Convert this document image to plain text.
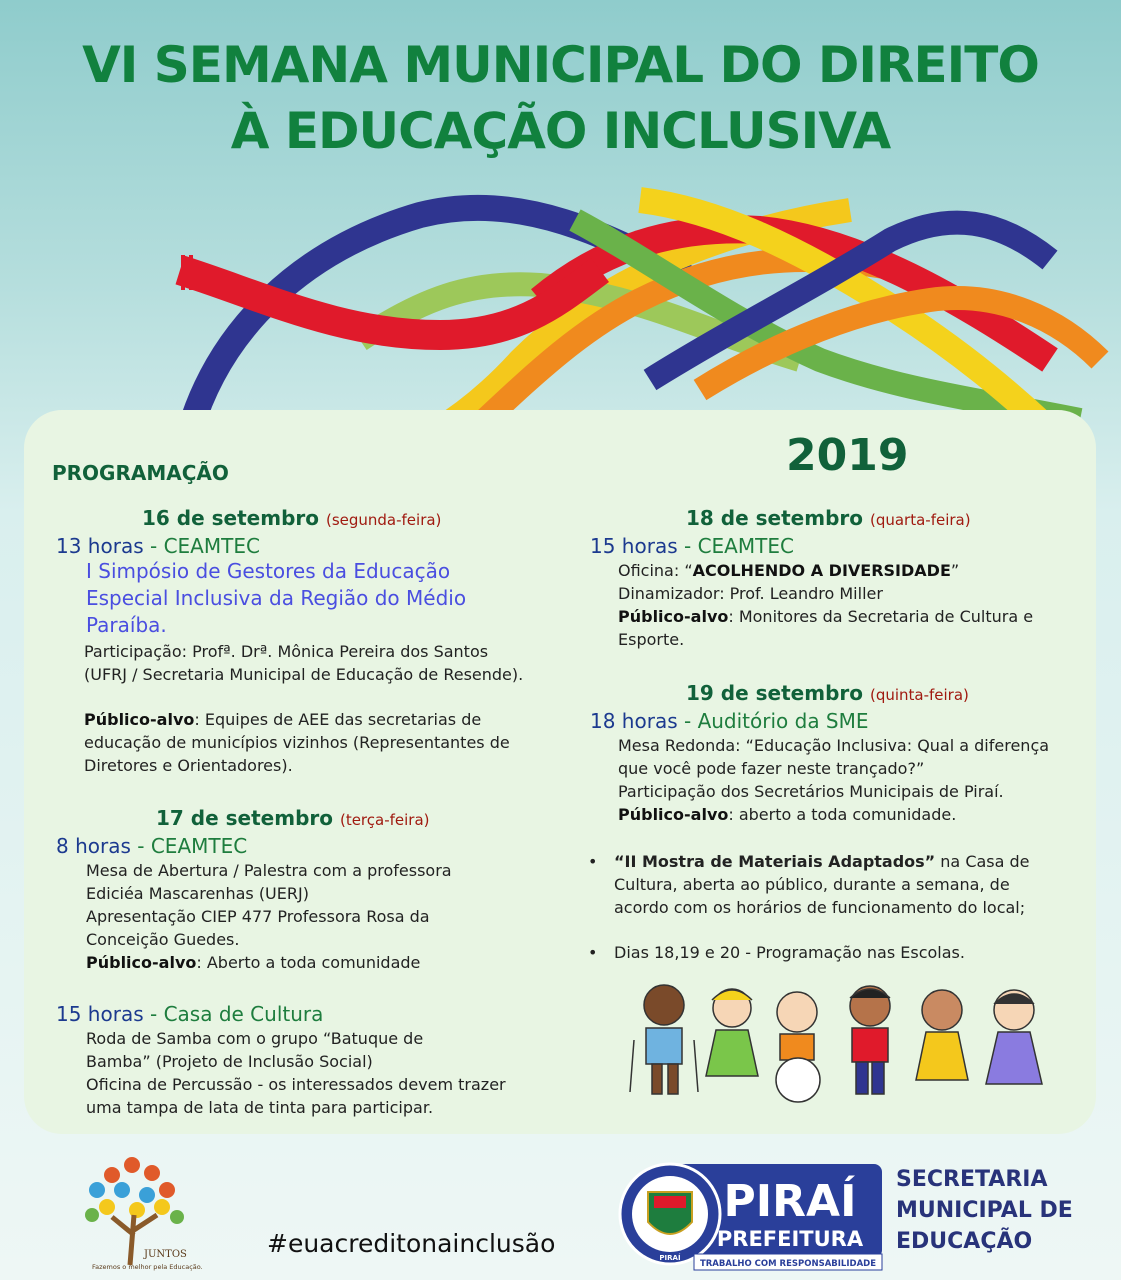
VI SEMANA MUNICIPAL DO DIREITO
À EDUCAÇÃO INCLUSIVA
2019
PROGRAMAÇÃO
16 de setembro (segunda-feira)
13 horas - CEAMTEC
I Simpósio de Gestores da Educação Especial Inclusiva da Região do Médio Paraíba.
Participação: Profª. Drª. Mônica Pereira dos Santos (UFRJ / Secretaria Municipal de Educação de Resende).
Público-alvo: Equipes de AEE das secretarias de educação de municípios vizinhos (Representantes de Diretores e Orientadores).
17 de setembro (terça-feira)
8 horas - CEAMTEC
Mesa de Abertura / Palestra com a professora Ediciéa Mascarenhas (UERJ)
Apresentação CIEP 477 Professora Rosa da Conceição Guedes.
Público-alvo: Aberto a toda comunidade
15 horas - Casa de Cultura
Roda de Samba com o grupo “Batuque de Bamba” (Projeto de Inclusão Social)
Oficina de Percussão - os interessados devem trazer uma tampa de lata de tinta para participar.
18 de setembro (quarta-feira)
15 horas - CEAMTEC
Oficina: “ACOLHENDO A DIVERSIDADE”
Dinamizador: Prof. Leandro Miller
Público-alvo: Monitores da Secretaria de Cultura e Esporte.
19 de setembro (quinta-feira)
18 horas - Auditório da SME
Mesa Redonda: “Educação Inclusiva: Qual a diferença que você pode fazer neste trançado?”
Participação dos Secretários Municipais de Piraí.
Público-alvo: aberto a toda comunidade.
• “II Mostra de Materiais Adaptados” na Casa de Cultura, aberta ao público, durante a semana, de acordo com os horários de funcionamento do local;
• Dias 18,19 e 20 - Programação nas Escolas.
JUNTOS
Fazemos o melhor pela Educação.
#euacreditonainclusão	PIRAÍ
PIRAÍ
PREFEITURA
TRABALHO COM RESPONSABILIDADE
SECRETARIA
MUNICIPAL DE
EDUCAÇÃO
